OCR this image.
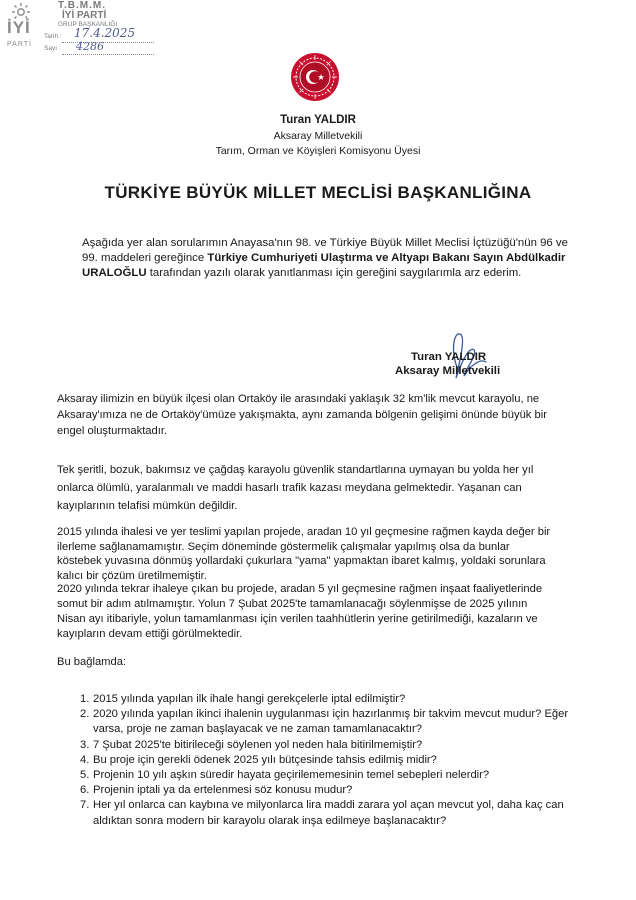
İYİ
PARTİ
T.B.M.M.
İYİ PARTİ
GRUP BAŞKANLIĞI
Tarih : 17.4.2025
Sayı : 4286
Turan YALDIR
Aksaray Milletvekili
Tarım, Orman ve Köyişleri Komisyonu Üyesi
TÜRKİYE BÜYÜK MİLLET MECLİSİ BAŞKANLIĞINA
Aşağıda yer alan sorularımın Anayasa'nın 98. ve Türkiye Büyük Millet Meclisi İçtüzüğü'nün 96 ve 99. maddeleri gereğince Türkiye Cumhuriyeti Ulaştırma ve Altyapı Bakanı Sayın Abdülkadir URALOĞLU tarafından yazılı olarak yanıtlanması için gereğini saygılarımla arz ederim.
Turan YALDIR
Aksaray Milletvekili
Aksaray ilimizin en büyük ilçesi olan Ortaköy ile arasındaki yaklaşık 32 km'lik mevcut karayolu, ne Aksaray'ımıza ne de Ortaköy'ümüze yakışmakta, aynı zamanda bölgenin gelişimi önünde büyük bir engel oluşturmaktadır.
Tek şeritli, bozuk, bakımsız ve çağdaş karayolu güvenlik standartlarına uymayan bu yolda her yıl onlarca ölümlü, yaralanmalı ve maddi hasarlı trafik kazası meydana gelmektedir. Yaşanan can kayıplarının telafisi mümkün değildir.
2015 yılında ihalesi ve yer teslimi yapılan projede, aradan 10 yıl geçmesine rağmen kayda değer bir ilerleme sağlanamamıştır. Seçim döneminde göstermelik çalışmalar yapılmış olsa da bunlar köstebek yuvasına dönmüş yollardaki çukurlara "yama" yapmaktan ibaret kalmış, yoldaki sorunlara kalıcı bir çözüm üretilmemiştir.
2020 yılında tekrar ihaleye çıkan bu projede, aradan 5 yıl geçmesine rağmen inşaat faaliyetlerinde somut bir adım atılmamıştır. Yolun 7 Şubat 2025'te tamamlanacağı söylenmişse de 2025 yılının Nisan ayı itibariyle, yolun tamamlanması için verilen taahhütlerin yerine getirilmediği, kazaların ve kayıpların devam ettiği görülmektedir.
Bu bağlamda:
1. 2015 yılında yapılan ilk ihale hangi gerekçelerle iptal edilmiştir?
2. 2020 yılında yapılan ikinci ihalenin uygulanması için hazırlanmış bir takvim mevcut mudur? Eğer varsa, proje ne zaman başlayacak ve ne zaman tamamlanacaktır?
3. 7 Şubat 2025'te bitirileceği söylenen yol neden hala bitirilmemiştir?
4. Bu proje için gerekli ödenek 2025 yılı bütçesinde tahsis edilmiş midir?
5. Projenin 10 yılı aşkın süredir hayata geçirilememesinin temel sebepleri nelerdir?
6. Projenin iptali ya da ertelenmesi söz konusu mudur?
7. Her yıl onlarca can kaybına ve milyonlarca lira maddi zarara yol açan mevcut yol, daha kaç can aldıktan sonra modern bir karayolu olarak inşa edilmeye başlanacaktır?
